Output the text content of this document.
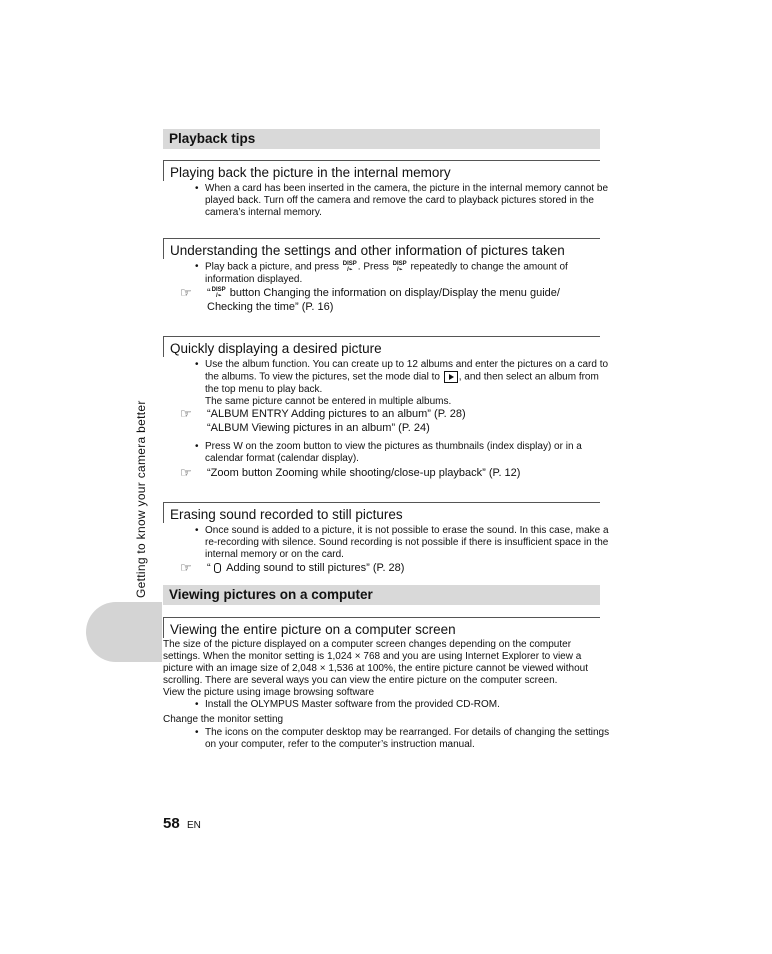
Getting to know your camera better
Playback tips
Playing back the picture in the internal memory
• When a card has been inserted in the camera, the picture in the internal memory cannot be played back. Turn off the camera and remove the card to playback pictures stored in the camera’s internal memory.
Understanding the settings and other information of pictures taken
• Play back a picture, and press DISP
/⌁ . Press DISP
/⌁ repeatedly to change the amount of information displayed.
☞	“DISP
/⌁ button Changing the information on display/Display the menu guide/ Checking the time” (P. 16)
Quickly displaying a desired picture
• Use the album function. You can create up to 12 albums and enter the pictures on a card to the albums. To view the pictures, set the mode dial to , and then select an album from the top menu to play back.
The same picture cannot be entered in multiple albums.
☞	“ALBUM ENTRY Adding pictures to an album” (P. 28)
“ALBUM Viewing pictures in an album” (P. 24)
• Press W on the zoom button to view the pictures as thumbnails (index display) or in a calendar format (calendar display).
☞	“Zoom button Zooming while shooting/close-up playback” (P. 12)
Erasing sound recorded to still pictures
• Once sound is added to a picture, it is not possible to erase the sound. In this case, make a re-recording with silence. Sound recording is not possible if there is insufficient space in the internal memory or on the card.
☞	“ Adding sound to still pictures” (P. 28)
Viewing pictures on a computer
Viewing the entire picture on a computer screen
The size of the picture displayed on a computer screen changes depending on the computer settings. When the monitor setting is 1,024 × 768 and you are using Internet Explorer to view a picture with an image size of 2,048 × 1,536 at 100%, the entire picture cannot be viewed without scrolling. There are several ways you can view the entire picture on the computer screen.
View the picture using image browsing software
• Install the OLYMPUS Master software from the provided CD-ROM.
Change the monitor setting
• The icons on the computer desktop may be rearranged. For details of changing the settings on your computer, refer to the computer’s instruction manual.
58 EN
